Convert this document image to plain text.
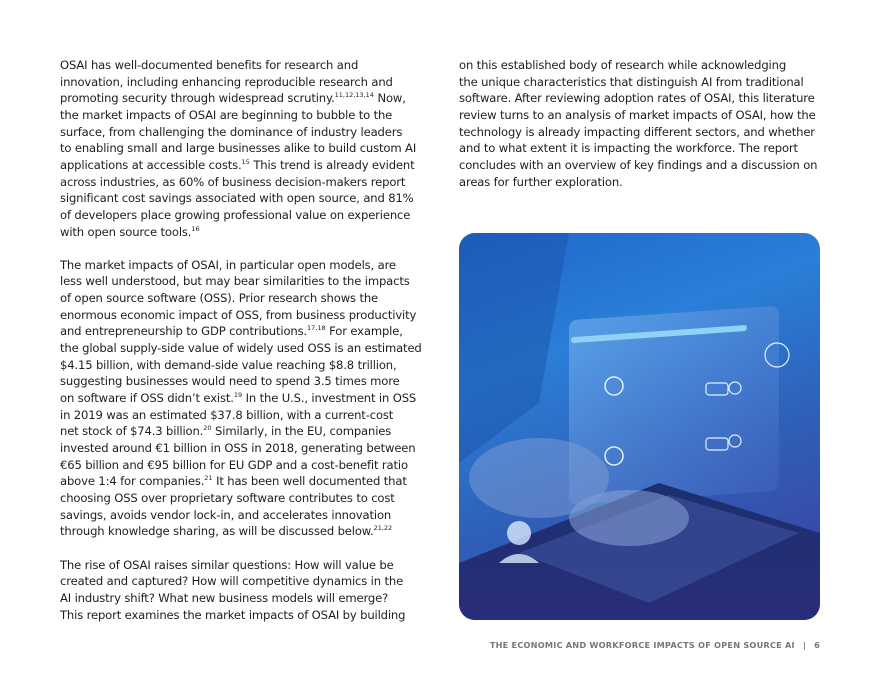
OSAI has well-documented benefits for research and
innovation, including enhancing reproducible research and
promoting security through widespread scrutiny.$^{11,12,13,14}$ Now,
the market impacts of OSAI are beginning to bubble to the
surface, from challenging the dominance of industry leaders
to enabling small and large businesses alike to build custom AI
applications at accessible costs.$^{15}$ This trend is already evident
across industries, as 60% of business decision-makers report
significant cost savings associated with open source, and 81%
of developers place growing professional value on experience
with open source tools.$^{16}$
The market impacts of OSAI, in particular open models, are
less well understood, but may bear similarities to the impacts
of open source software (OSS). Prior research shows the
enormous economic impact of OSS, from business productivity
and entrepreneurship to GDP contributions.$^{17,18}$ For example,
the global supply-side value of widely used OSS is an estimated
$4.15 billion, with demand-side value reaching $8.8 trillion,
suggesting businesses would need to spend 3.5 times more
on software if OSS didn’t exist.$^{19}$ In the U.S., investment in OSS
in 2019 was an estimated $37.8 billion, with a current-cost
net stock of $74.3 billion.$^{20}$ Similarly, in the EU, companies
invested around €1 billion in OSS in 2018, generating between
€65 billion and €95 billion for EU GDP and a cost-benefit ratio
above 1:4 for companies.$^{21}$ It has been well documented that
choosing OSS over proprietary software contributes to cost
savings, avoids vendor lock-in, and accelerates innovation
through knowledge sharing, as will be discussed below.$^{21,22}$
The rise of OSAI raises similar questions: How will value be
created and captured? How will competitive dynamics in the
AI industry shift? What new business models will emerge?
This report examines the market impacts of OSAI by building
on this established body of research while acknowledging
the unique characteristics that distinguish AI from traditional
software. After reviewing adoption rates of OSAI, this literature
review turns to an analysis of market impacts of OSAI, how the
technology is already impacting different sectors, and whether
and to what extent it is impacting the workforce. The report
concludes with an overview of key findings and a discussion on
areas for further exploration.
THE ECONOMIC AND WORKFORCE IMPACTS OF OPEN SOURCE AI | 6
